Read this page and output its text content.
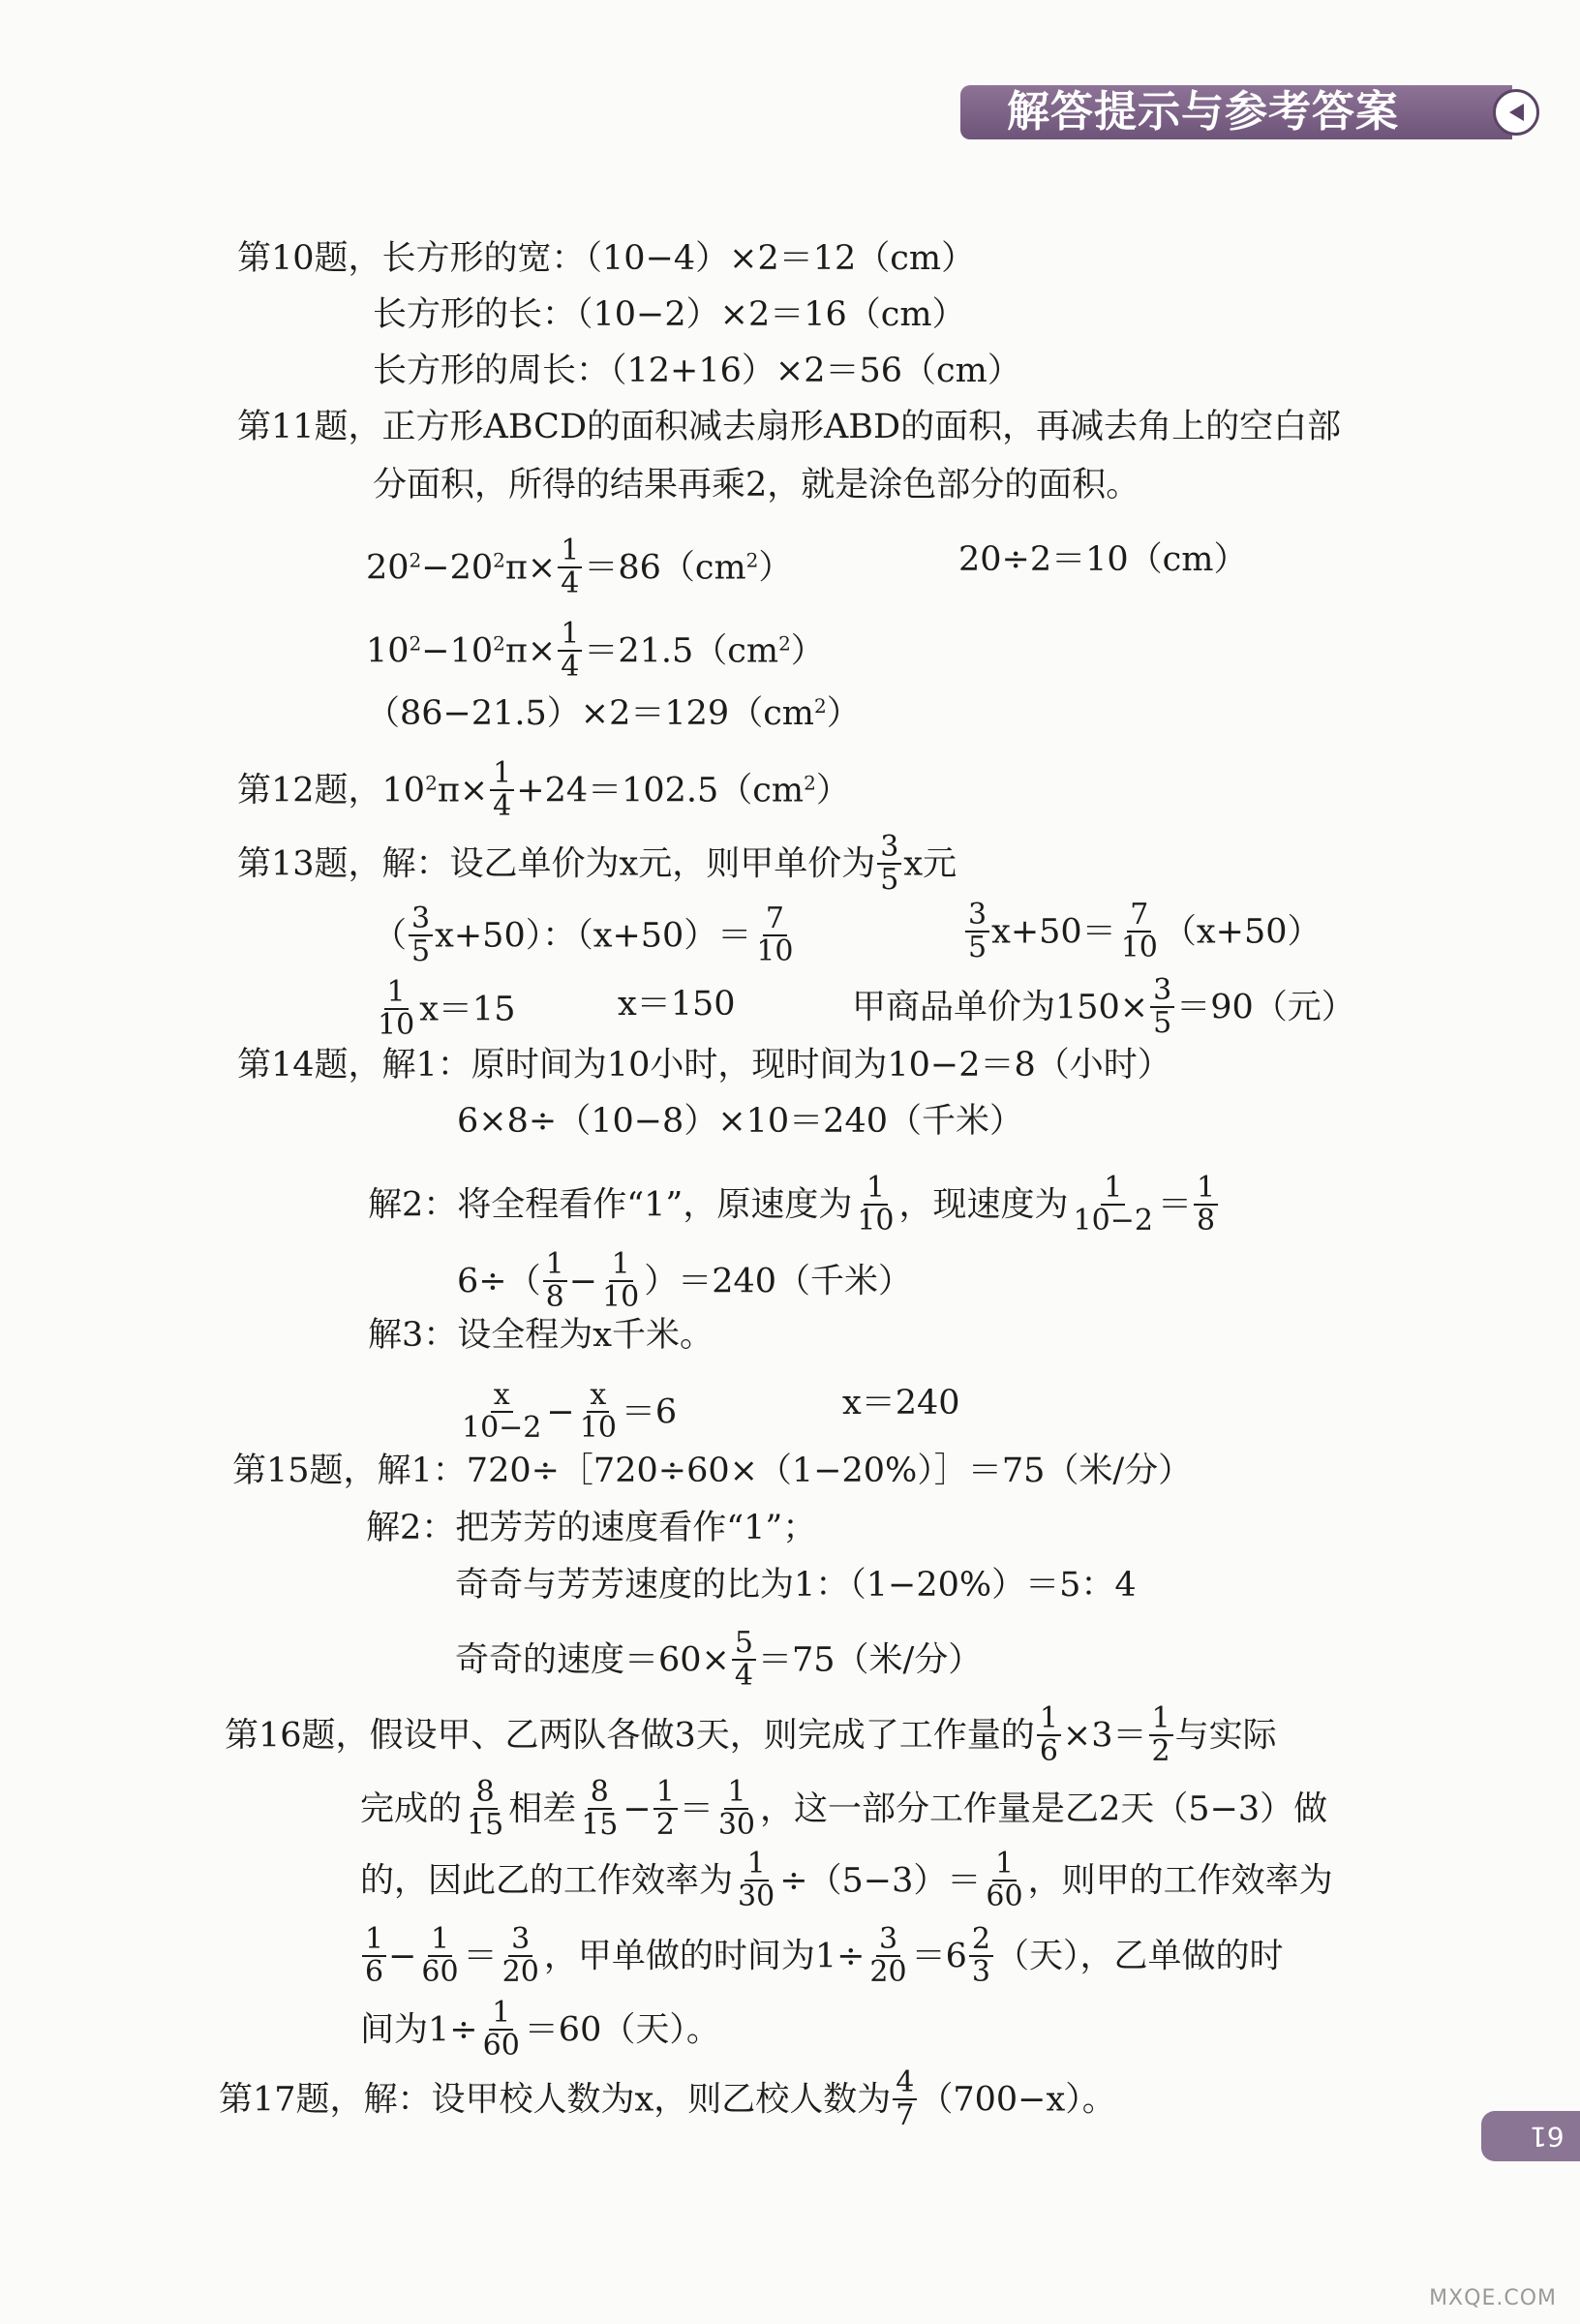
解答提示与参考答案
第10题，长方形的宽：（10−4）×2＝12（cm）
长方形的长：（10−2）×2＝16（cm）
长方形的周长：（12+16）×2＝56（cm）
第11题，正方形ABCD的面积减去扇形ABD的面积，再减去角上的空白部
分面积，所得的结果再乘2，就是涂色部分的面积。
$20^2-20^2\pi\times \frac{1}{4} =86(cm^2)$	20÷2＝10（cm）
$10^2-10^2\pi\times \frac{1}{4} =21.5(cm^2)$
$(86-21.5)\times 2=129(cm^2)$
第12题，$10^2\pi\times \frac{1}{4} +24=102.5(cm^2)$
第13题，解：设乙单价为x元，则甲单价为 $\frac{3}{5}$ x元
（ $\frac{3}{5} x+50$）：$(x+50)= \frac{7}{10}$	$\frac{3}{5} x+50= \frac{7}{10} (x+50)$
$\frac{1}{10} x=15$	x＝150	甲商品单价为$150\times \frac{3}{5} =90$（元）
第14题，解1：原时间为10小时，现时间为10−2＝8（小时）
6×8÷（10−8）×10＝240（千米）
解2：将全程看作“1”，原速度为 $\frac{1}{10}$ ，现速度为 $\frac{1}{10-2} = \frac{1}{8}$
$6\div( \frac{1}{8} - \frac{1}{10} )=240$（千米）
解3：设全程为x千米。
$\frac{x}{10-2} - \frac{x}{10} =6$	x＝240
第15题，解1：720÷［720÷60×（1−20%）］＝75（米/分）
解2：把芳芳的速度看作“1”；
奇奇与芳芳速度的比为1：（1−20%）＝5：4
奇奇的速度$=60\times \frac{5}{4} =75$（米/分）
第16题，假设甲、乙两队各做3天，则完成了工作量的 $\frac{1}{6} \times 3= \frac{1}{2}$ 与实际
完成的 $\frac{8}{15}$ 相差 $\frac{8}{15} - \frac{1}{2} = \frac{1}{30}$ ，这一部分工作量是乙2天（5−3）做
的，因此乙的工作效率为 $\frac{1}{30} \div(5-3)= \frac{1}{60}$ ，则甲的工作效率为
$\frac{1}{6} - \frac{1}{60} = \frac{3}{20}$ ，甲单做的时间为$1\div \frac{3}{20} =6 \frac{2}{3}$ （天），乙单做的时
间为$1\div \frac{1}{60} =60$（天）。
第17题，解：设甲校人数为x，则乙校人数为 $\frac{4}{7} (700-x)$。
61
MXQE.COM
